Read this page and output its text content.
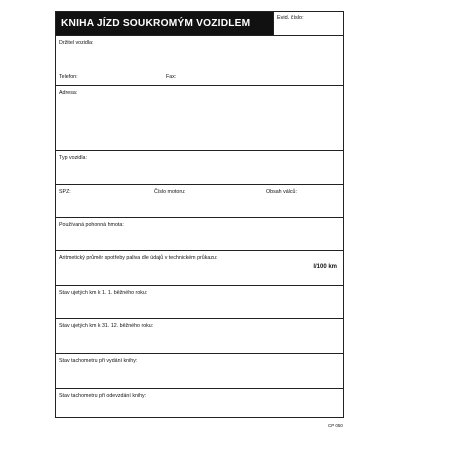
KNIHA JÍZD SOUKROMÝM VOZIDLEM	Evid. číslo:
Držitel vozidla:
Telefon:	Fax:
Adresa:
Typ vozidla:
SPZ:	Číslo motoru:	Obsah válců:
Používaná pohonná hmota:
Aritmetický průměr spotřeby paliva dle údajů v technickém průkazu:
l/100 km
Stav ujetých km k 1. 1. běžného roku:
Stav ujetých km k 31. 12. běžného roku:
Stav tachometru při vydání knihy:
Stav tachometru při odevzdání knihy:
CP 050
